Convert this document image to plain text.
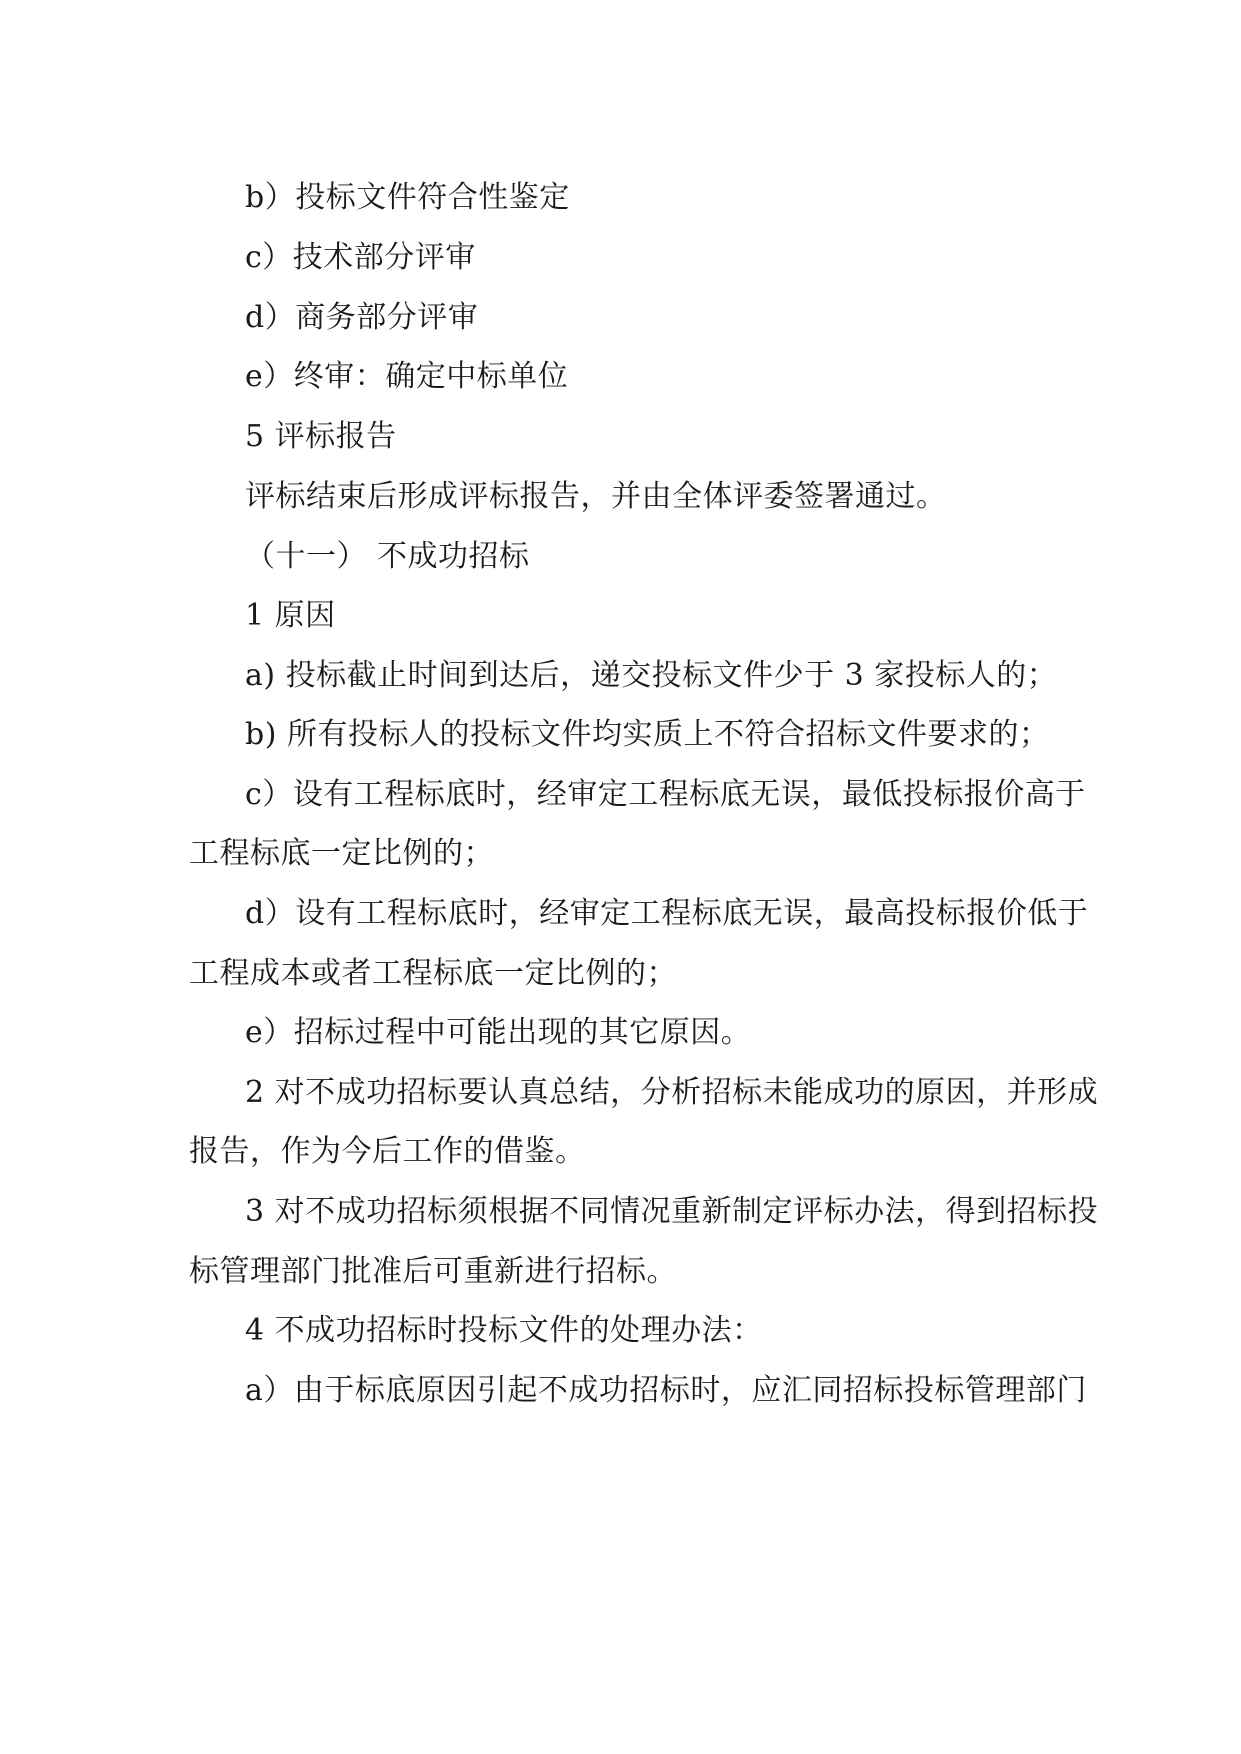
b）投标文件符合性鉴定
c）技术部分评审
d）商务部分评审
e）终审：确定中标单位
5 评标报告
评标结束后形成评标报告，并由全体评委签署通过。
（十一） 不成功招标
1 原因
a) 投标截止时间到达后，递交投标文件少于 3 家投标人的；
b) 所有投标人的投标文件均实质上不符合招标文件要求的；
c）设有工程标底时，经审定工程标底无误，最低投标报价高于
工程标底一定比例的；
d）设有工程标底时，经审定工程标底无误，最高投标报价低于
工程成本或者工程标底一定比例的；
e）招标过程中可能出现的其它原因。
2 对不成功招标要认真总结，分析招标未能成功的原因，并形成
报告，作为今后工作的借鉴。
3 对不成功招标须根据不同情况重新制定评标办法，得到招标投
标管理部门批准后可重新进行招标。
4 不成功招标时投标文件的处理办法：
a）由于标底原因引起不成功招标时，应汇同招标投标管理部门
